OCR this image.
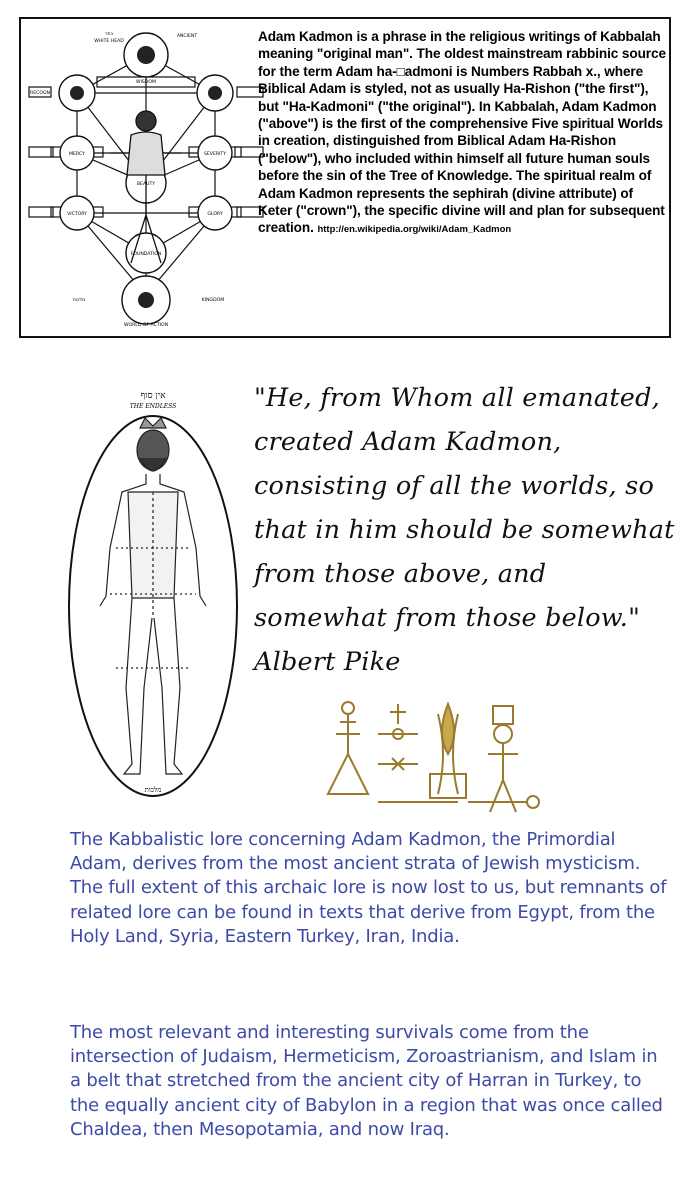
כתר
WHITE HEAD
ANCIENT
WISDOM
RECOGN
MERCY	SEVERITY
BEAUTY
VICTORY	GLORY
FOUNDATION
מלכות	KINGDOM
WORLD OF ACTION
Adam Kadmon is a phrase in the religious writings of Kabbalah meaning "original man". The oldest mainstream rabbinic source for the term Adam ha-□admoni is Numbers Rabbah x., where Biblical Adam is styled, not as usually Ha-Rishon ("the first"), but "Ha-Kadmoni" ("the original"). In Kabbalah, Adam Kadmon ("above") is the first of the comprehensive Five spiritual Worlds in creation, distinguished from Biblical Adam Ha-Rishon ("below"), who included within himself all future human souls before the sin of the Tree of Knowledge. The spiritual realm of Adam Kadmon represents the sephirah (divine attribute) of Keter ("crown"), the specific divine will and plan for subsequent creation. http://en.wikipedia.org/wiki/Adam_Kadmon
אין סוף
THE ENDLESS
מלכות
"He, from Whom all emanated, created Adam Kadmon, consisting of all the worlds, so that in him should be somewhat from those above, and somewhat from those below." Albert Pike
The Kabbalistic lore concerning Adam Kadmon, the Primordial Adam, derives from the most ancient strata of Jewish mysticism. The full extent of this archaic lore is now lost to us, but remnants of related lore can be found in texts that derive from Egypt, from the Holy Land, Syria, Eastern Turkey, Iran, India.
The most relevant and interesting survivals come from the intersection of Judaism, Hermeticism, Zoroastrianism, and Islam in a belt that stretched from the ancient city of Harran in Turkey, to the equally ancient city of Babylon in a region that was once called Chaldea, then Mesopotamia, and now Iraq.
